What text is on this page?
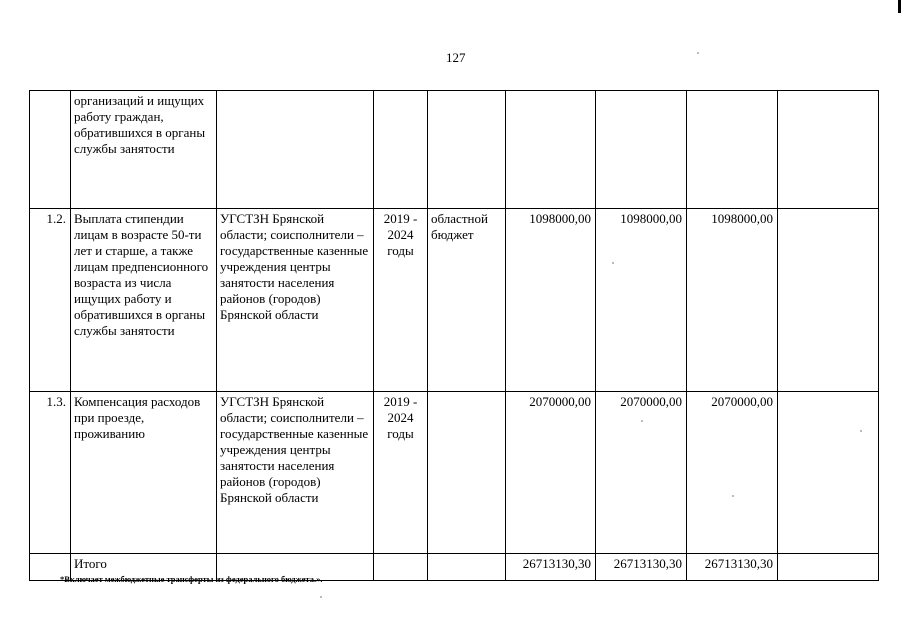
127
	организаций и ищущих работу граждан, обратившихся в органы службы занятости							
1.2.	Выплата стипендии лицам в возрасте 50-ти лет и старше, а также лицам предпенсионного возраста из числа ищущих работу и обратившихся в органы службы занятости	УГСТЗН Брянской области; соисполнители – государственные казенные учреждения центры занятости населения районов (городов) Брянской области	2019 - 2024 годы	областной бюджет	1098000,00	1098000,00	1098000,00	
1.3.	Компенсация расходов при проезде, проживанию	УГСТЗН Брянской области; соисполнители – государственные казенные учреждения центры занятости населения районов (городов) Брянской области	2019 - 2024 годы		2070000,00	2070000,00	2070000,00	
	Итого				26713130,30	26713130,30	26713130,30	
*Включает межбюджетные трансферты из федерального бюджета.».
